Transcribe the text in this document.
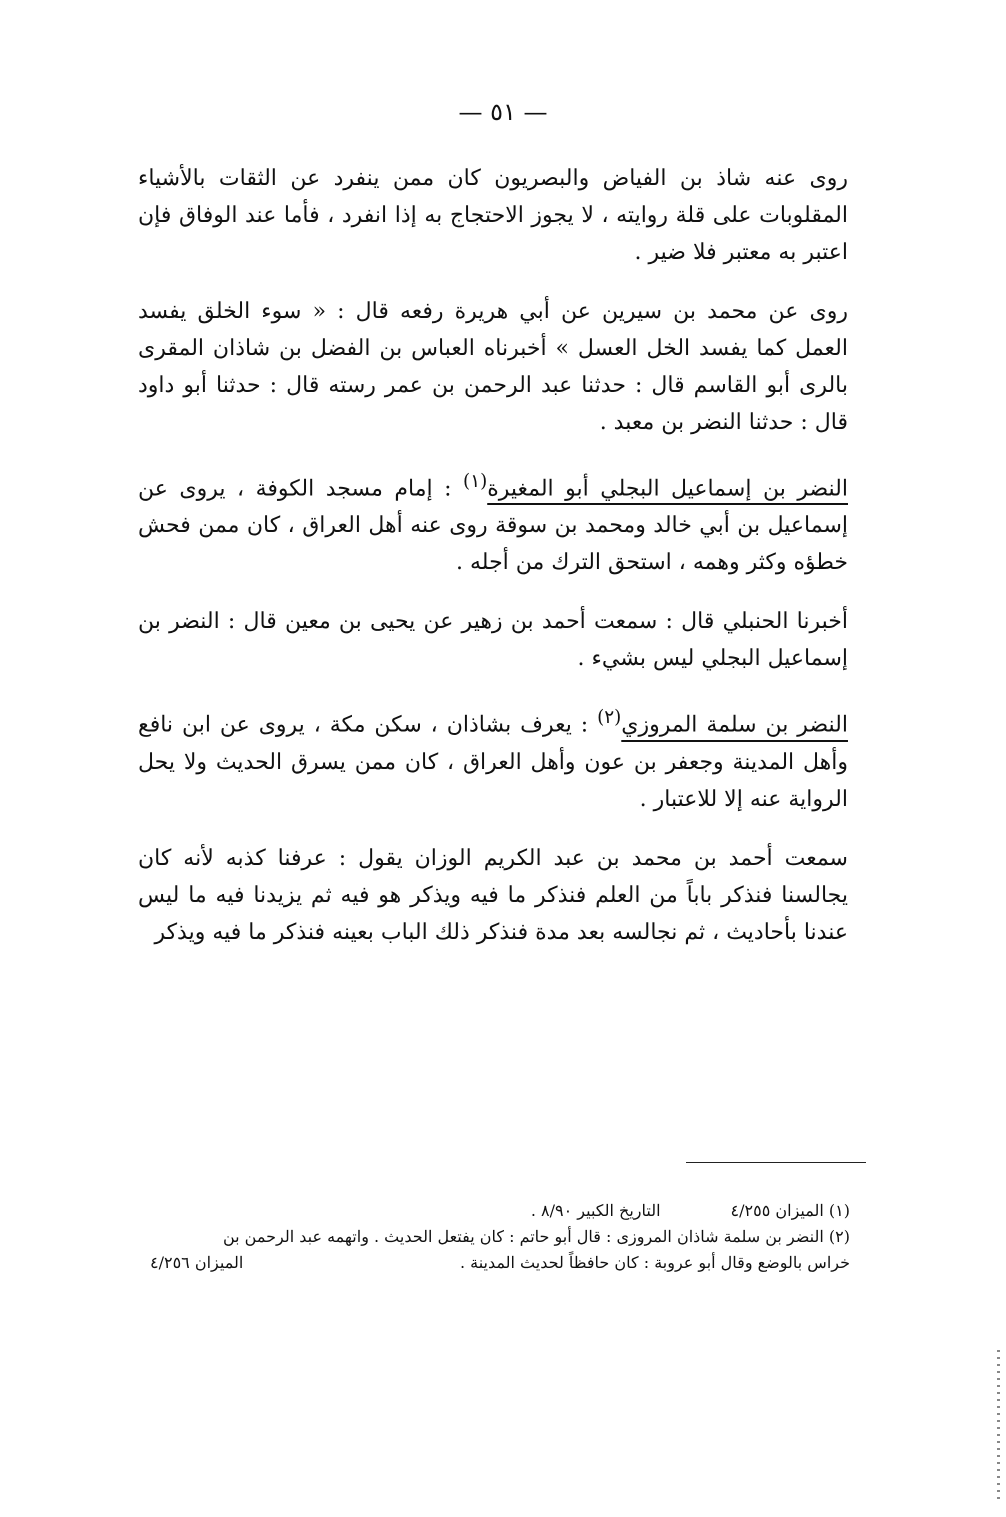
— ٥١ —

روى عنه شاذ بن الفياض والبصريون كان ممن ينفرد عن الثقات بالأشياء المقلوبات على قلة روايته ، لا يجوز الاحتجاج به إذا انفرد ، فأما عند الوفاق فإن اعتبر به معتبر فلا ضير .

روى عن محمد بن سيرين عن أبي هريرة رفعه قال : « سوء الخلق يفسد العمل كما يفسد الخل العسل » أخبرناه العباس بن الفضل بن شاذان المقرى بالرى أبو القاسم قال : حدثنا عبد الرحمن بن عمر رسته قال : حدثنا أبو داود قال : حدثنا النضر بن معبد .

النضر بن إسماعيل البجلي أبو المغيرة$^{(١)}$ : إمام مسجد الكوفة ، يروى عن إسماعيل بن أبي خالد ومحمد بن سوقة روى عنه أهل العراق ، كان ممن فحش خطؤه وكثر وهمه ، استحق الترك من أجله .

أخبرنا الحنبلي قال : سمعت أحمد بن زهير عن يحيى بن معين قال : النضر بن إسماعيل البجلي ليس بشيء .

النضر بن سلمة المروزي$^{(٢)}$ : يعرف بشاذان ، سكن مكة ، يروى عن ابن نافع وأهل المدينة وجعفر بن عون وأهل العراق ، كان ممن يسرق الحديث ولا يحل الرواية عنه إلا للاعتبار .

سمعت أحمد بن محمد بن عبد الكريم الوزان يقول : عرفنا كذبه لأنه كان يجالسنا فنذكر باباً من العلم فنذكر ما فيه ويذكر هو فيه ثم يزيدنا فيه ما ليس عندنا بأحاديث ، ثم نجالسه بعد مدة فنذكر ذلك الباب بعينه فنذكر ما فيه ويذكر

(١) الميزان ٤/٢٥٥
التاريخ الكبير ٨/٩٠ .
(٢) النضر بن سلمة شاذان المروزى : قال أبو حاتم : كان يفتعل الحديث . واتهمه عبد الرحمن بن
خراس بالوضع وقال أبو عروبة : كان حافظاً لحديث المدينة .
الميزان ٤/٢٥٦
